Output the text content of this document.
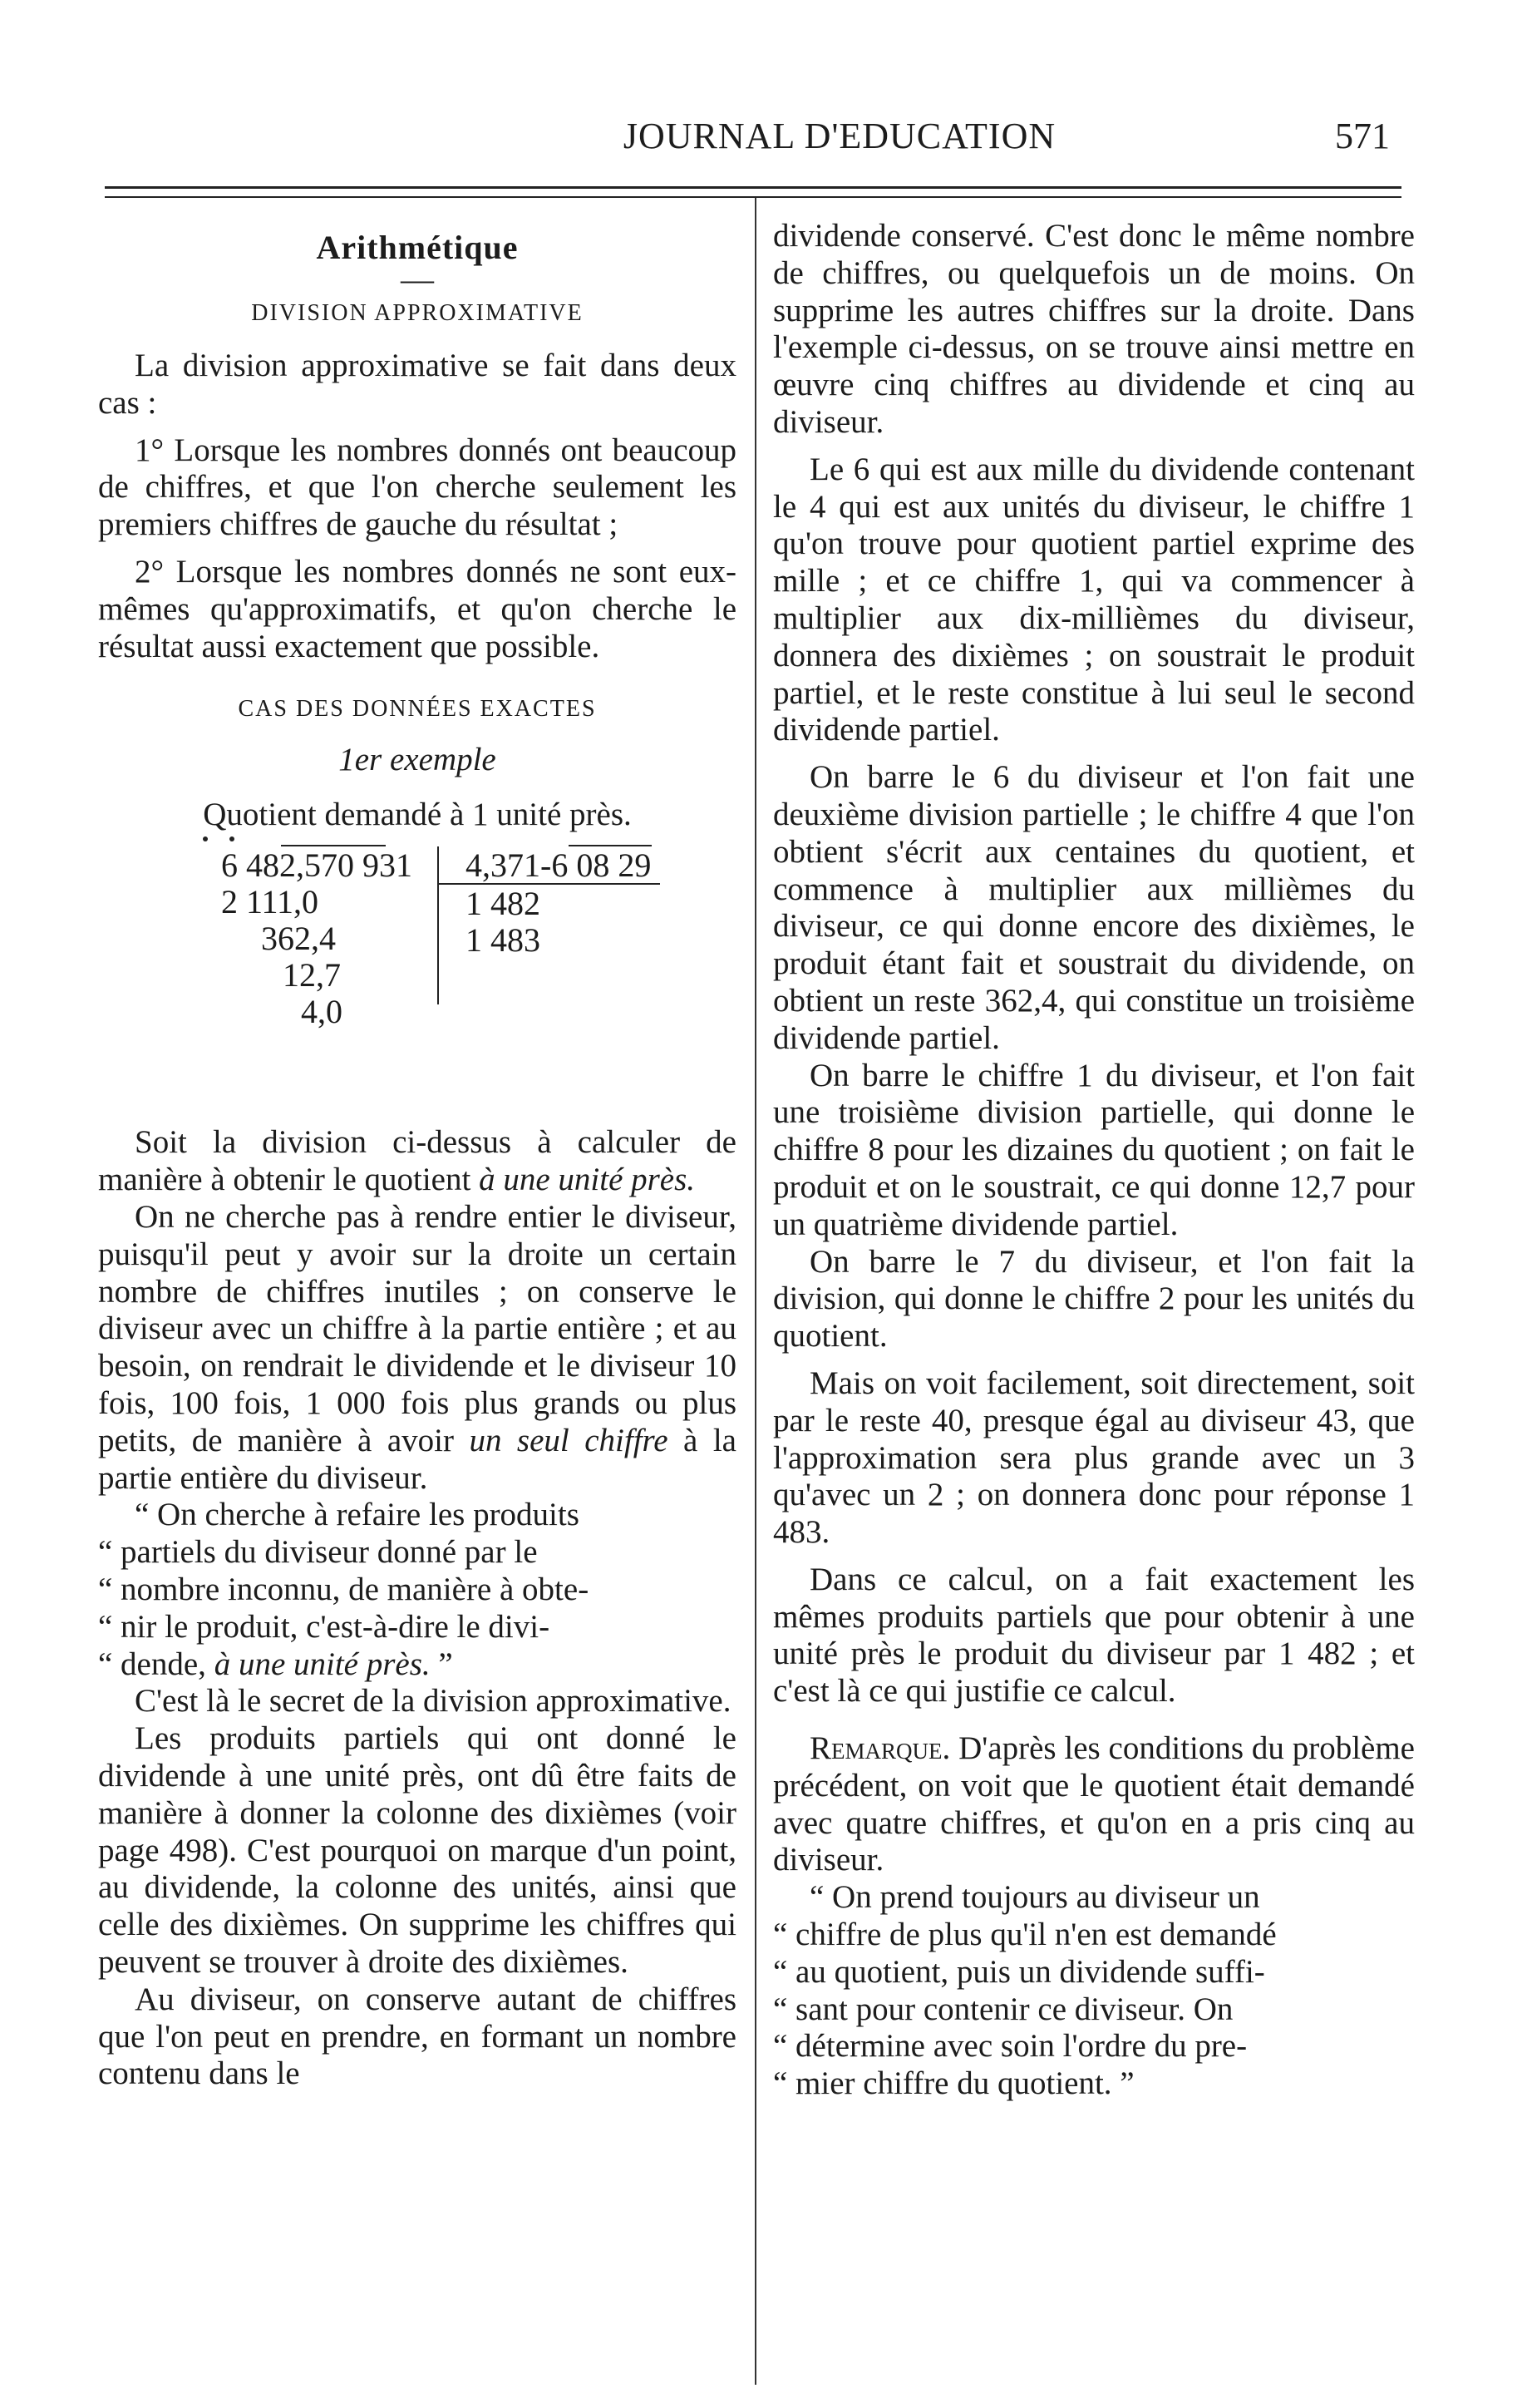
JOURNAL D'EDUCATION	571
Arithmétique
—
DIVISION APPROXIMATIVE

La division approximative se fait dans deux cas :

1° Lorsque les nombres donnés ont beaucoup de chiffres, et que l'on cherche seulement les premiers chiffres de gauche du résultat ;

2° Lorsque les nombres donnés ne sont eux-mêmes qu'approximatifs, et qu'on cherche le résultat aussi exactement que possible.

CAS DES DONNÉES EXACTES
1er exemple
Quotient demandé à 1 unité près.
6 482,570 931
2 111,0
362,4
12,7
4,0
4,371-6 08 29
1 482
1 483

Soit la division ci-dessus à calculer de manière à obtenir le quotient à une unité près.

On ne cherche pas à rendre entier le diviseur, puisqu'il peut y avoir sur la droite un certain nombre de chiffres inutiles ; on conserve le diviseur avec un chiffre à la partie entière ; et au besoin, on rendrait le dividende et le diviseur 10 fois, 100 fois, 1 000 fois plus grands ou plus petits, de manière à avoir un seul chiffre à la partie entière du diviseur.

“ On cherche à refaire les produits
“ partiels du diviseur donné par le
“ nombre inconnu, de manière à obte-
“ nir le produit, c'est-à-dire le divi-
“ dende, à une unité près. ”

C'est là le secret de la division approximative.

Les produits partiels qui ont donné le dividende à une unité près, ont dû être faits de manière à donner la colonne des dixièmes (voir page 498). C'est pourquoi on marque d'un point, au dividende, la colonne des unités, ainsi que celle des dixièmes. On supprime les chiffres qui peuvent se trouver à droite des dixièmes.

Au diviseur, on conserve autant de chiffres que l'on peut en prendre, en formant un nombre contenu dans le

dividende conservé. C'est donc le même nombre de chiffres, ou quelquefois un de moins. On supprime les autres chiffres sur la droite. Dans l'exemple ci-dessus, on se trouve ainsi mettre en œuvre cinq chiffres au dividende et cinq au diviseur.

Le 6 qui est aux mille du dividende contenant le 4 qui est aux unités du diviseur, le chiffre 1 qu'on trouve pour quotient partiel exprime des mille ; et ce chiffre 1, qui va commencer à multiplier aux dix-millièmes du diviseur, donnera des dixièmes ; on soustrait le produit partiel, et le reste constitue à lui seul le second dividende partiel.

On barre le 6 du diviseur et l'on fait une deuxième division partielle ; le chiffre 4 que l'on obtient s'écrit aux centaines du quotient, et commence à multiplier aux millièmes du diviseur, ce qui donne encore des dixièmes, le produit étant fait et soustrait du dividende, on obtient un reste 362,4, qui constitue un troisième dividende partiel.

On barre le chiffre 1 du diviseur, et l'on fait une troisième division partielle, qui donne le chiffre 8 pour les dizaines du quotient ; on fait le produit et on le soustrait, ce qui donne 12,7 pour un quatrième dividende partiel.

On barre le 7 du diviseur, et l'on fait la division, qui donne le chiffre 2 pour les unités du quotient.

Mais on voit facilement, soit directement, soit par le reste 40, presque égal au diviseur 43, que l'approximation sera plus grande avec un 3 qu'avec un 2 ; on donnera donc pour réponse 1 483.

Dans ce calcul, on a fait exactement les mêmes produits partiels que pour obtenir à une unité près le produit du diviseur par 1 482 ; et c'est là ce qui justifie ce calcul.

Remarque. D'après les conditions du problème précédent, on voit que le quotient était demandé avec quatre chiffres, et qu'on en a pris cinq au diviseur.

“ On prend toujours au diviseur un
“ chiffre de plus qu'il n'en est demandé
“ au quotient, puis un dividende suffi-
“ sant pour contenir ce diviseur. On
“ détermine avec soin l'ordre du pre-
“ mier chiffre du quotient. ”
